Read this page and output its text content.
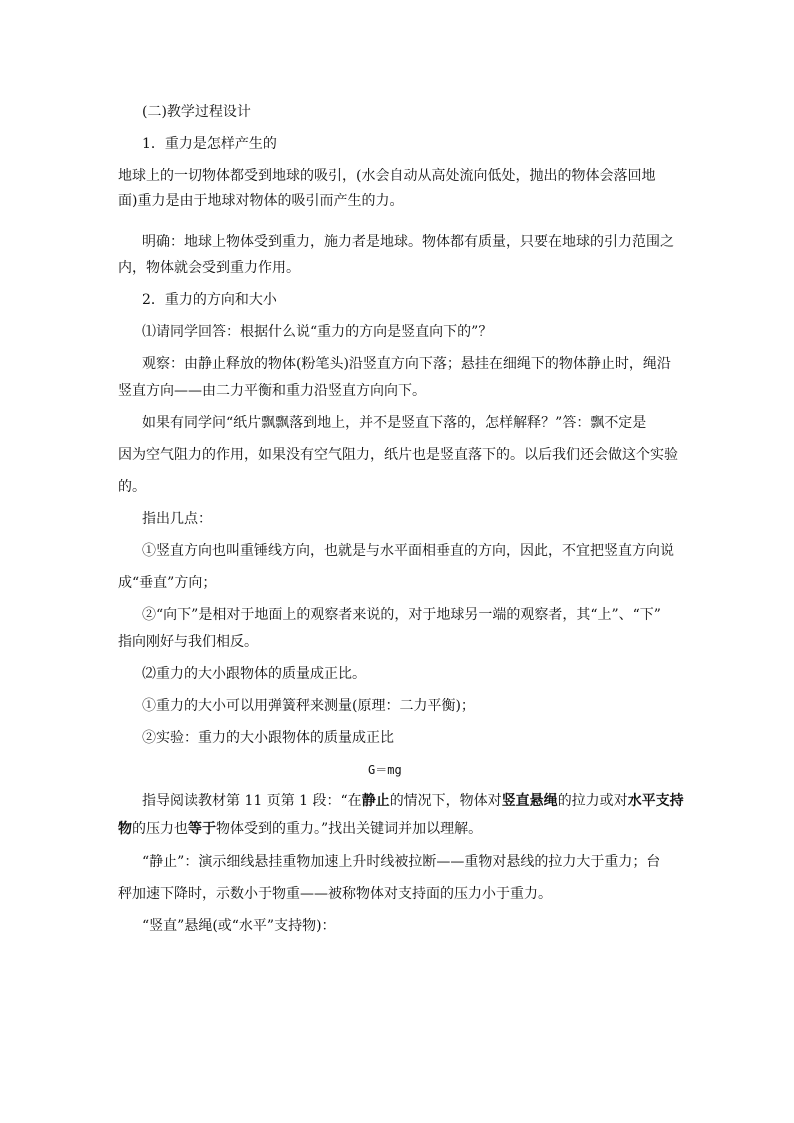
(二)教学过程设计
1．重力是怎样产生的
地球上的一切物体都受到地球的吸引，(水会自动从高处流向低处，抛出的物体会落回地
面)重力是由于地球对物体的吸引而产生的力。
明确：地球上物体受到重力，施力者是地球。物体都有质量，只要在地球的引力范围之
内，物体就会受到重力作用。
2．重力的方向和大小
⑴请同学回答：根据什么说“重力的方向是竖直向下的”？
观察：由静止释放的物体(粉笔头)沿竖直方向下落；悬挂在细绳下的物体静止时，绳沿
竖直方向——由二力平衡和重力沿竖直方向向下。
如果有同学问“纸片飘飘落到地上，并不是竖直下落的，怎样解释？”答：飘不定是
因为空气阻力的作用，如果没有空气阻力，纸片也是竖直落下的。以后我们还会做这个实验
的。
指出几点：
①竖直方向也叫重锤线方向，也就是与水平面相垂直的方向，因此，不宜把竖直方向说
成“垂直”方向；
②“向下”是相对于地面上的观察者来说的，对于地球另一端的观察者，其“上”、“下”
指向刚好与我们相反。
⑵重力的大小跟物体的质量成正比。
①重力的大小可以用弹簧秤来测量(原理：二力平衡)；
②实验：重力的大小跟物体的质量成正比
G＝mg
指导阅读教材第 11 页第 1 段：“在静止的情况下，物体对竖直悬绳的拉力或对水平支持
物的压力也等于物体受到的重力。”找出关键词并加以理解。
“静止”：演示细线悬挂重物加速上升时线被拉断——重物对悬线的拉力大于重力；台
秤加速下降时，示数小于物重——被称物体对支持面的压力小于重力。
“竖直”悬绳(或“水平”支持物)：
